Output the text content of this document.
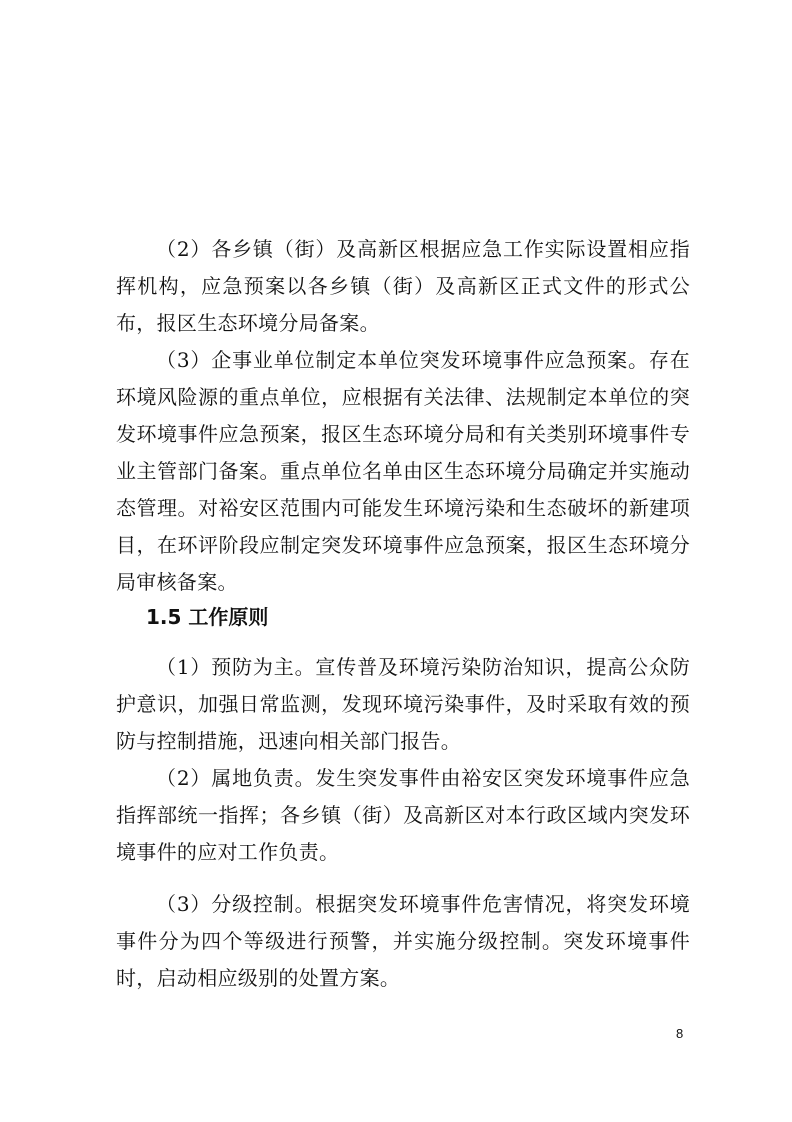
（2）各乡镇（街）及高新区根据应急工作实际设置相应指挥机构，应急预案以各乡镇（街）及高新区正式文件的形式公布，报区生态环境分局备案。

（3）企事业单位制定本单位突发环境事件应急预案。存在环境风险源的重点单位，应根据有关法律、法规制定本单位的突发环境事件应急预案，报区生态环境分局和有关类别环境事件专业主管部门备案。重点单位名单由区生态环境分局确定并实施动态管理。对裕安区范围内可能发生环境污染和生态破坏的新建项目，在环评阶段应制定突发环境事件应急预案，报区生态环境分局审核备案。

1.5 工作原则

（1）预防为主。宣传普及环境污染防治知识，提高公众防护意识，加强日常监测，发现环境污染事件，及时采取有效的预防与控制措施，迅速向相关部门报告。

（2）属地负责。发生突发事件由裕安区突发环境事件应急指挥部统一指挥；各乡镇（街）及高新区对本行政区域内突发环境事件的应对工作负责。

（3）分级控制。根据突发环境事件危害情况，将突发环境事件分为四个等级进行预警，并实施分级控制。突发环境事件时，启动相应级别的处置方案。

8
